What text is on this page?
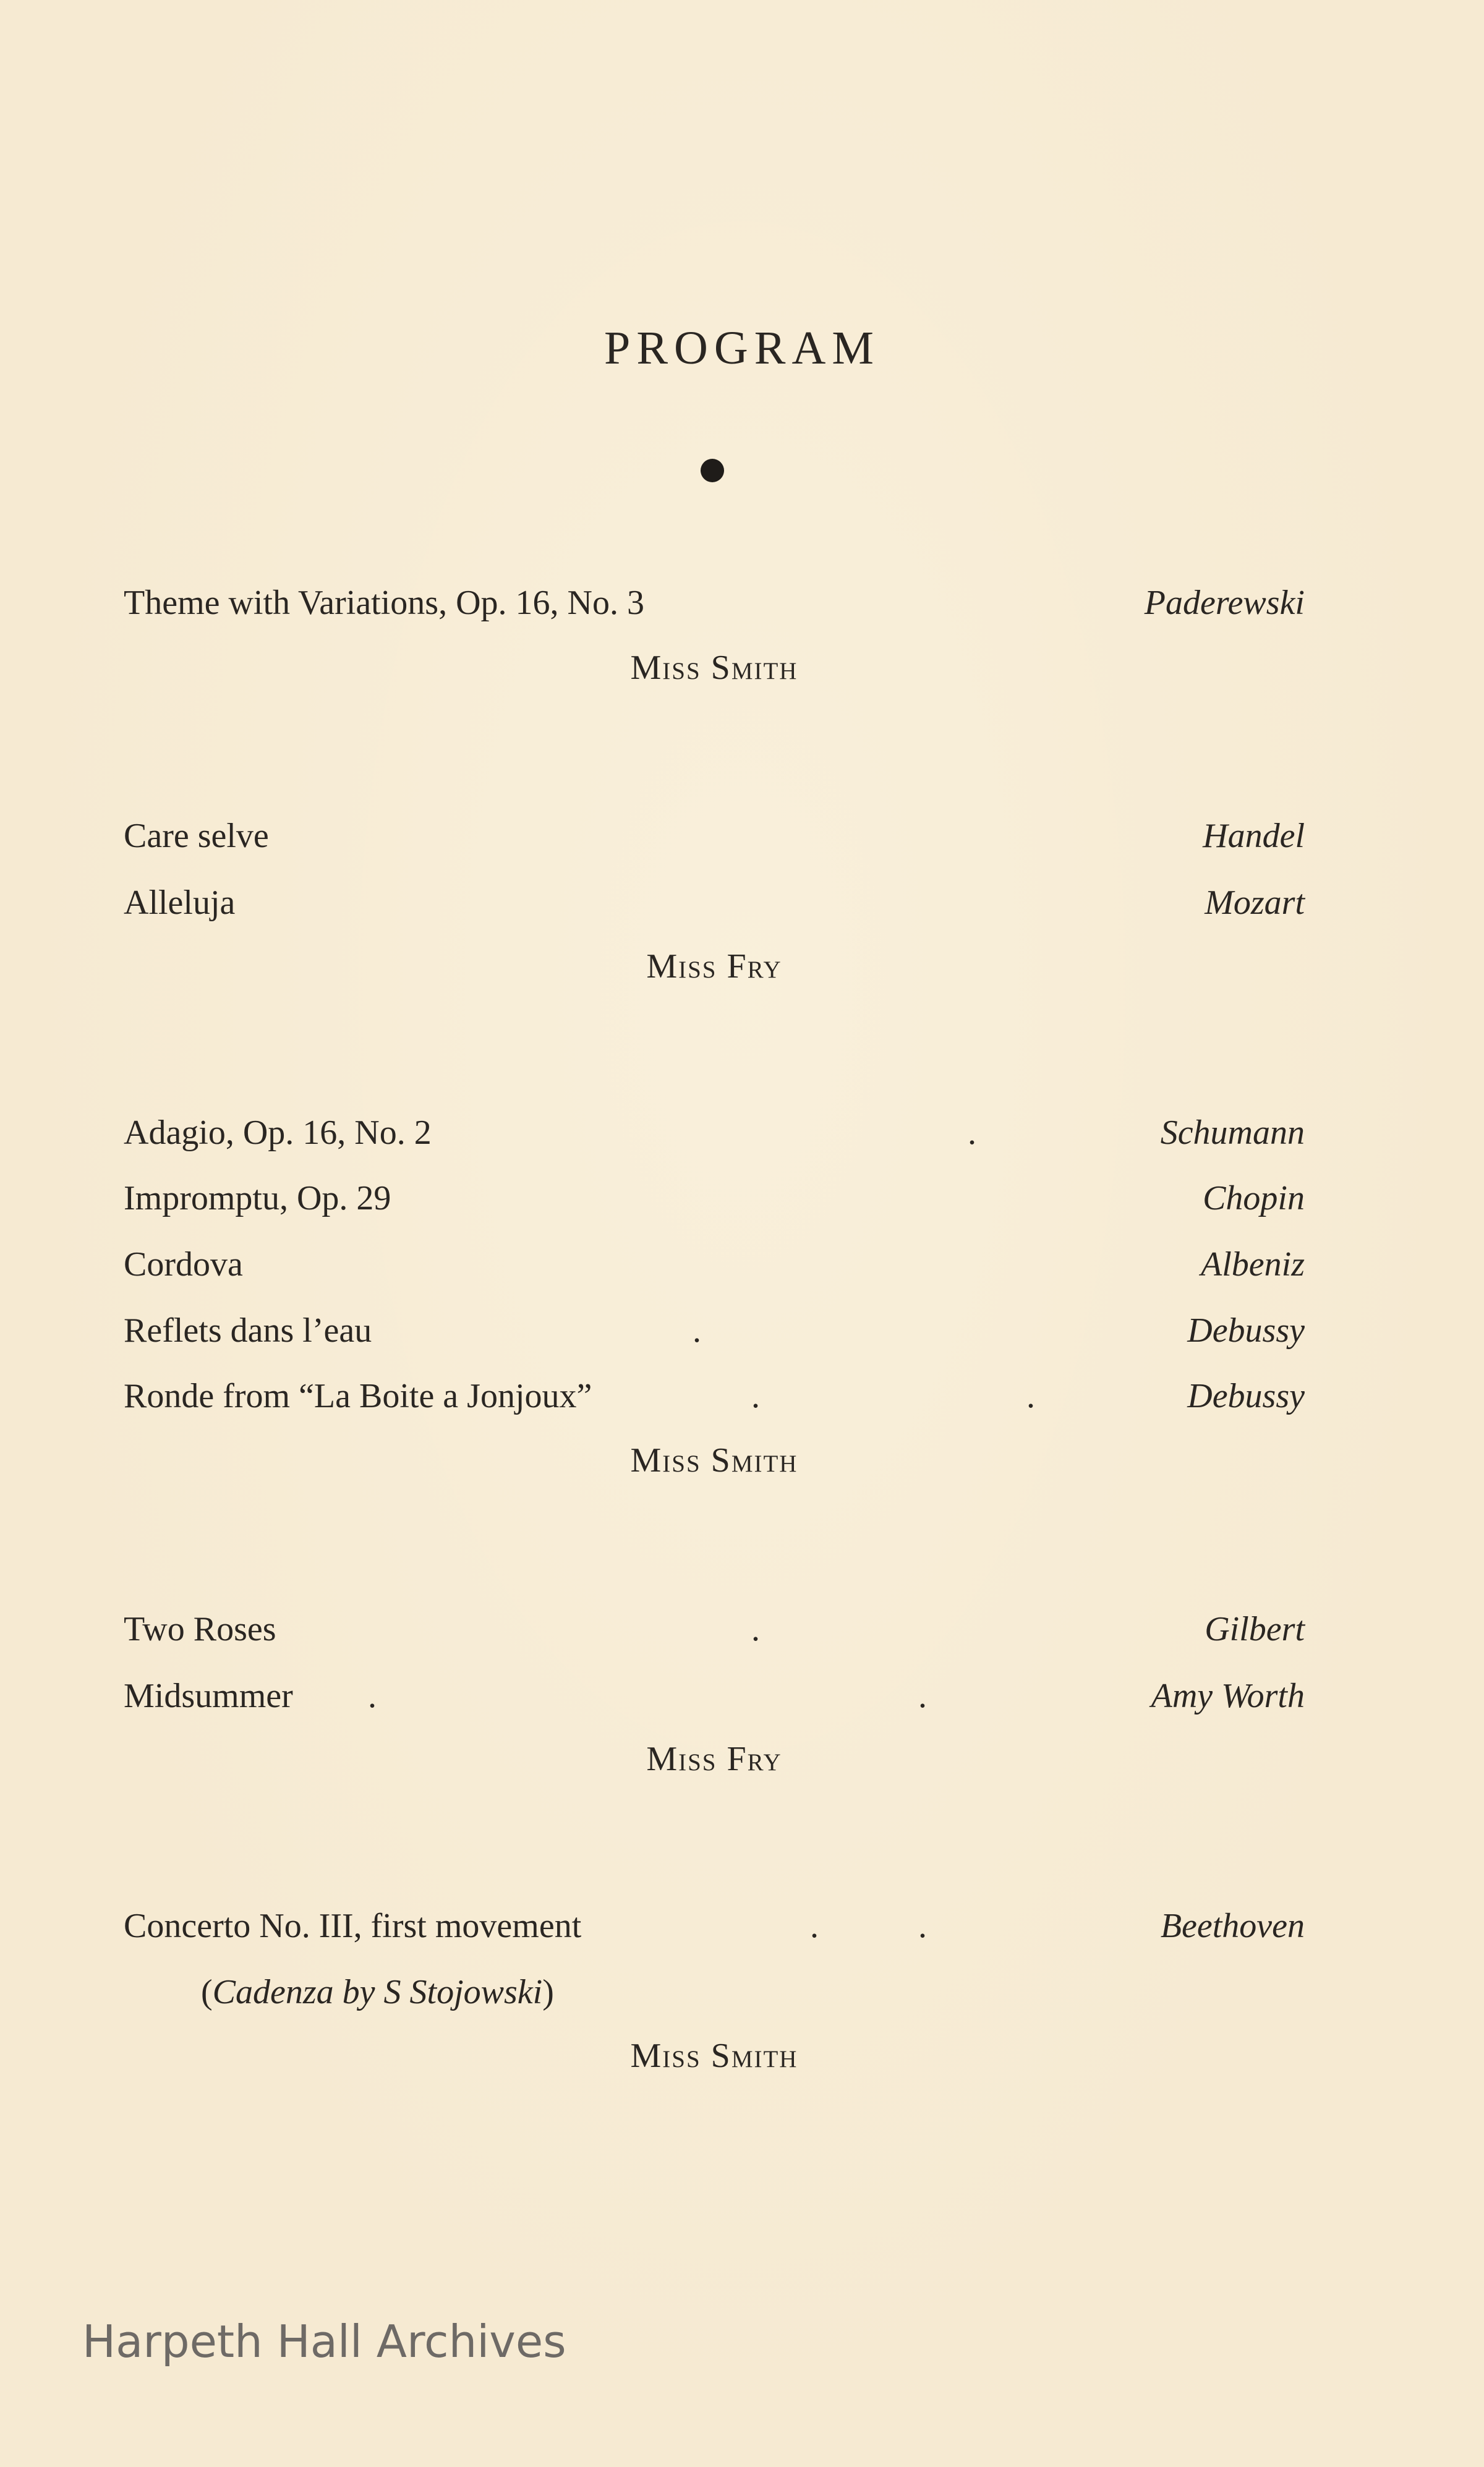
PROGRAM
Theme with Variations, Op. 16, No. 3	Paderewski
Miss Smith
Care selve	Handel
Alleluja	Mozart
Miss Fry
Adagio, Op. 16, No. 2	.	Schumann
Impromptu, Op. 29	Chopin
Cordova	Albeniz
Reflets dans l’eau	.	Debussy
Ronde from “La Boite a Jonjoux”	.	.	Debussy
Miss Smith
Two Roses	.	Gilbert
Midsummer .	.	Amy Worth
Miss Fry
Concerto No. III, first movement	.	.	Beethoven
(Cadenza by S Stojowski)
Miss Smith
Harpeth Hall Archives
